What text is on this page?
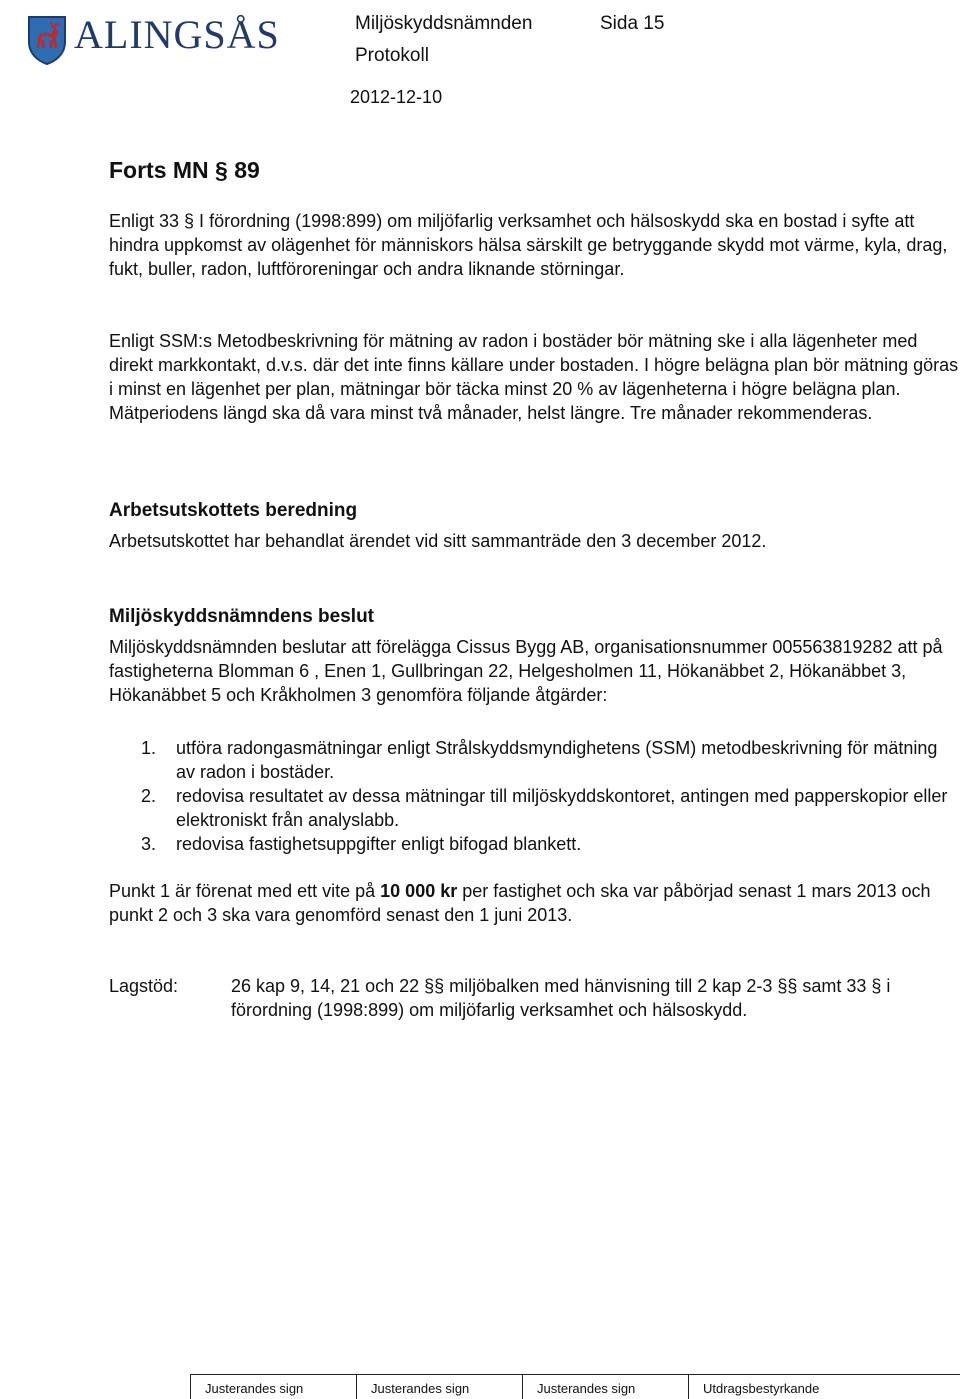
ALINGSÅS	Miljöskyddsnämnden	Sida 15
Protokoll
2012-12-10
Forts MN § 89

Enligt 33 § I förordning (1998:899) om miljöfarlig verksamhet och hälsoskydd ska en bostad i syfte att hindra uppkomst av olägenhet för människors hälsa särskilt ge betryggande skydd mot värme, kyla, drag, fukt, buller, radon, luftföroreningar och andra liknande störningar.

Enligt SSM:s Metodbeskrivning för mätning av radon i bostäder bör mätning ske i alla lägenheter med direkt markkontakt, d.v.s. där det inte finns källare under bostaden. I högre belägna plan bör mätning göras i minst en lägenhet per plan, mätningar bör täcka minst 20 % av lägenheterna i högre belägna plan. Mätperiodens längd ska då vara minst två månader, helst längre. Tre månader rekommenderas.

Arbetsutskottets beredning

Arbetsutskottet har behandlat ärendet vid sitt sammanträde den 3 december 2012.

Miljöskyddsnämndens beslut

Miljöskyddsnämnden beslutar att förelägga Cissus Bygg AB, organisationsnummer 005563819282 att på fastigheterna Blomman 6 , Enen 1, Gullbringan 22, Helgesholmen 11, Hökanäbbet 2, Hökanäbbet 3, Hökanäbbet 5 och Kråkholmen 3 genomföra följande åtgärder:

1. utföra radongasmätningar enligt Strålskyddsmyndighetens (SSM) metodbeskrivning för mätning av radon i bostäder.
2. redovisa resultatet av dessa mätningar till miljöskyddskontoret, antingen med papperskopior eller elektroniskt från analyslabb.
3. redovisa fastighetsuppgifter enligt bifogad blankett.

Punkt 1 är förenat med ett vite på 10 000 kr per fastighet och ska var påbörjad senast 1 mars 2013 och punkt 2 och 3 ska vara genomförd senast den 1 juni 2013.

Lagstöd:	26 kap 9, 14, 21 och 22 §§ miljöbalken med hänvisning till 2 kap 2-3 §§ samt 33 § i förordning (1998:899) om miljöfarlig verksamhet och hälsoskydd.
Justerandes sign	Justerandes sign	Justerandes sign	Utdragsbestyrkande
